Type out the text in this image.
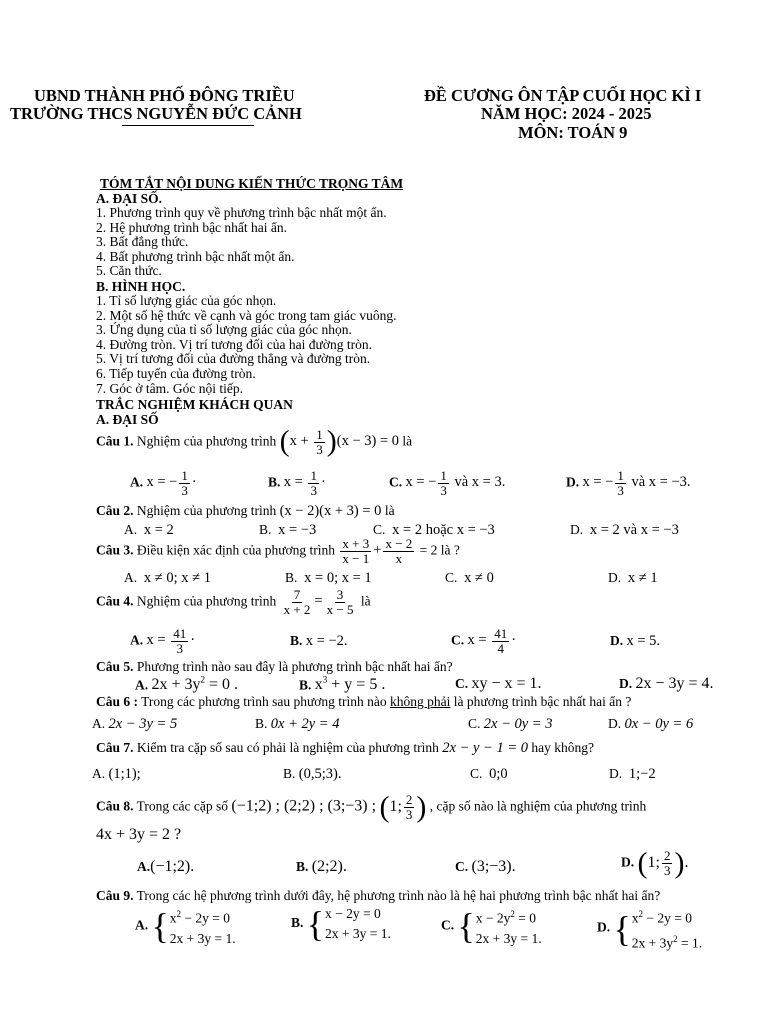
UBND THÀNH PHỐ ĐÔNG TRIỀU
TRƯỜNG THCS NGUYỄN ĐỨC CẢNH
ĐỀ CƯƠNG ÔN TẬP CUỐI HỌC KÌ I
NĂM HỌC: 2024 - 2025
MÔN: TOÁN 9
TÓM TẮT NỘI DUNG KIẾN THỨC TRỌNG TÂM
A. ĐẠI SỐ.
1. Phương trình quy về phương trình bậc nhất một ẩn.
2. Hệ phương trình bậc nhất hai ẩn.
3. Bất đẳng thức.
4. Bất phương trình bậc nhất một ẩn.
5. Căn thức.
B. HÌNH HỌC.
1. Tỉ số lượng giác của góc nhọn.
2. Một số hệ thức về cạnh và góc trong tam giác vuông.
3. Ứng dụng của tỉ số lượng giác của góc nhọn.
4. Đường tròn. Vị trí tương đối của hai đường tròn.
5. Vị trí tương đối của đường thẳng và đường tròn.
6. Tiếp tuyến của đường tròn.
7. Góc ở tâm. Góc nội tiếp.
TRẮC NGHIỆM KHÁCH QUAN
A. ĐẠI SỐ
Câu 1. Nghiệm của phương trình $(x + \frac{1}{3} )(x - 3) = 0$ là
A. x = − $\frac{1}{3}$ ·	B. $x = \frac{1}{3}$ ·	C. x = − $\frac{1}{3}$ và x = 3.	D. x = − $\frac{1}{3}$ và x = −3.
Câu 2. Nghiệm của phương trình (x − 2)(x + 3) = 0 là
A. x = 2	B. x = −3	C. x = 2 hoặc x = −3	D. x = 2 và x = −3
Câu 3. Điều kiện xác định của phương trình $\frac{x + 3}{x - 1} + \frac{x - 2}{x} = 2$ là ?
A. x ≠ 0; x ≠ 1	B. x = 0; x = 1	C. x ≠ 0	D. x ≠ 1
Câu 4. Nghiệm của phương trình $\frac{7}{x + 2} = \frac{3}{x - 5}$ là
A. $x = \frac{41}{3}$ ·	B. x = −2.	C. $x = \frac{41}{4}$ ·	D. x = 5.
Câu 5. Phương trình nào sau đây là phương trình bậc nhất hai ẩn?
A. $2x + 3y^2 = 0$ .	B. $x^3 + y = 5$ .	C. xy − x = 1.	D. 2x − 3y = 4.
Câu 6 : Trong các phương trình sau phương trình nào không phải là phương trình bậc nhất hai ẩn ?
A. 2x − 3y = 5	B. 0x + 2y = 4	C. 2x − 0y = 3	D. 0x − 0y = 6
Câu 7. Kiểm tra cặp số sau có phải là nghiệm của phương trình 2x − y − 1 = 0 hay không?
A. (1;1);	B. (0,5;3).	C. 0;0	D. 1;−2
Câu 8. Trong các cặp số (−1;2) ; (2;2) ; (3;−3) ; (1; $\frac{2}{3}$ ) , cặp số nào là nghiệm của phương trình
4x + 3y = 2 ?
A.(−1;2).	B. (2;2).	C. (3;−3).	D. (1; $\frac{2}{3}$ ).
Câu 9. Trong các hệ phương trình dưới đây, hệ phương trình nào là hệ hai phương trình bậc nhất hai ẩn?
A. { $x^2 - 2y = 0$
2x + 3y = 1.
B. { x − 2y = 0
2x + 3y = 1.
C. { $x - 2y^2 = 0$
2x + 3y = 1.
D. { $x^2 - 2y = 0$
$2x + 3y^2 = 1$.
